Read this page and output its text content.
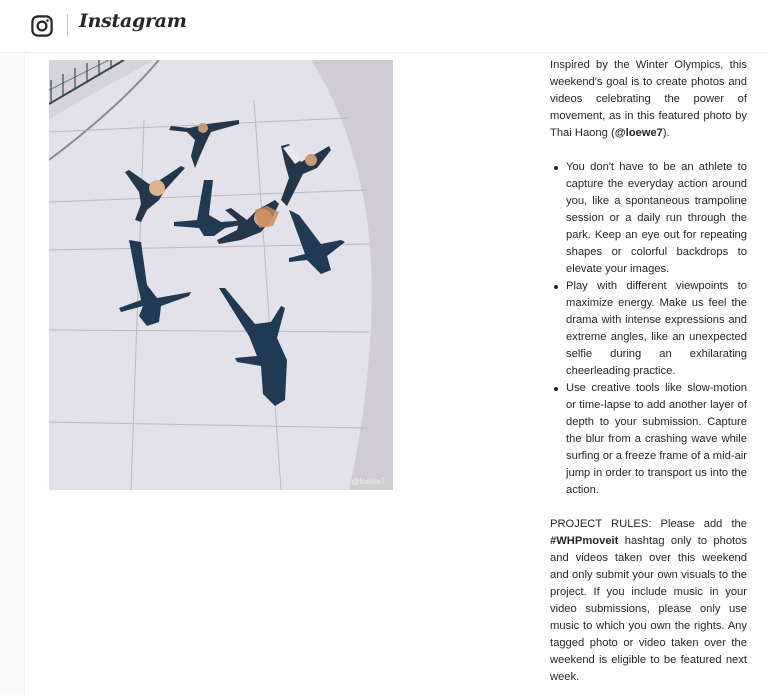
Instagram
@loewe7

Inspired by the Winter Olympics, this weekend's goal is to create photos and videos celebrating the power of movement, as in this featured photo by Thai Haong (@loewe7).

You don't have to be an athlete to capture the everyday action around you, like a spontaneous trampoline session or a daily run through the park. Keep an eye out for repeating shapes or colorful backdrops to elevate your images.
Play with different viewpoints to maximize energy. Make us feel the drama with intense expressions and extreme angles, like an unexpected selfie during an exhilarating cheerleading practice.
Use creative tools like slow-motion or time-lapse to add another layer of depth to your submission. Capture the blur from a crashing wave while surfing or a freeze frame of a mid-air jump in order to transport us into the action.

PROJECT RULES: Please add the #WHPmoveit hashtag only to photos and videos taken over this weekend and only submit your own visuals to the project. If you include music in your video submissions, please only use music to which you own the rights. Any tagged photo or video taken over the weekend is eligible to be featured next week.
